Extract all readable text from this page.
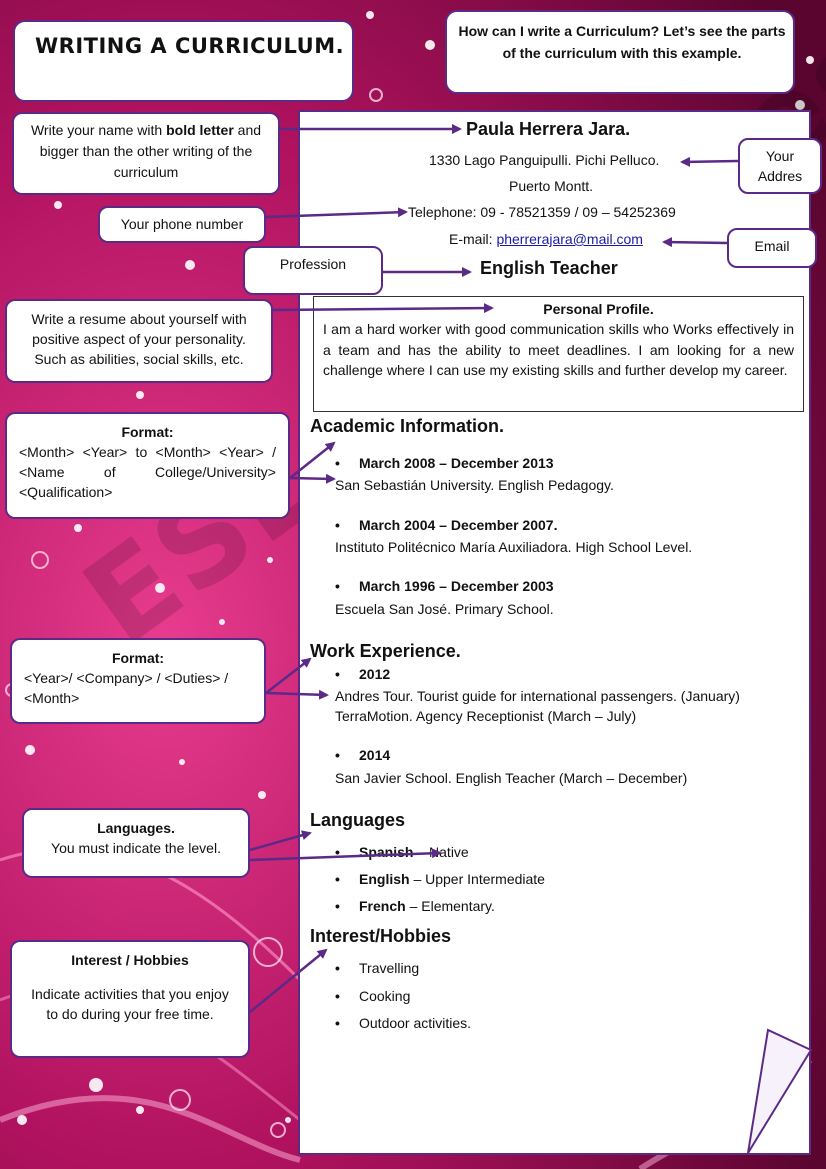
WRITING A CURRICULUM.
How can I write a Curriculum? Let’s see the parts of the curriculum with this example.
Write your name with bold letter and bigger than the other writing of the curriculum
Your phone number
Profession
Write a resume about yourself with positive aspect of your personality. Such as abilities, social skills, etc.
Format:
<Month> <Year> to <Month> <Year> / <Name of College/University> <Qualification>
Format:
<Year>/ <Company> / <Duties> / <Month>
Languages.
You must indicate the level.
Interest / Hobbies
Indicate activities that you enjoy to do during your free time.
Your Addres
Email
Paula Herrera Jara.
1330 Lago Panguipulli. Pichi Pelluco.
Puerto Montt.
Telephone: 09 - 78521359 / 09 – 54252369
E-mail: pherrerajara@mail.com
English Teacher
Personal Profile.
I am a hard worker with good communication skills who Works effectively in a team and has the ability to meet deadlines. I am looking for a new challenge where I can use my existing skills and further develop my career.
Academic Information.
• March 2008 – December 2013
San Sebastián University. English Pedagogy.
• March 2004 – December 2007.
Instituto Politécnico María Auxiliadora. High School Level.
• March 1996 – December 2003
Escuela San José. Primary School.
Work Experience.
• 2012
Andres Tour. Tourist guide for international passengers. (January)
TerraMotion. Agency Receptionist (March – July)
• 2014
San Javier School. English Teacher (March – December)
Languages
• Spanish – Native
• English – Upper Intermediate
• French – Elementary.
Interest/Hobbies
• Travelling
• Cooking
• Outdoor activities.
